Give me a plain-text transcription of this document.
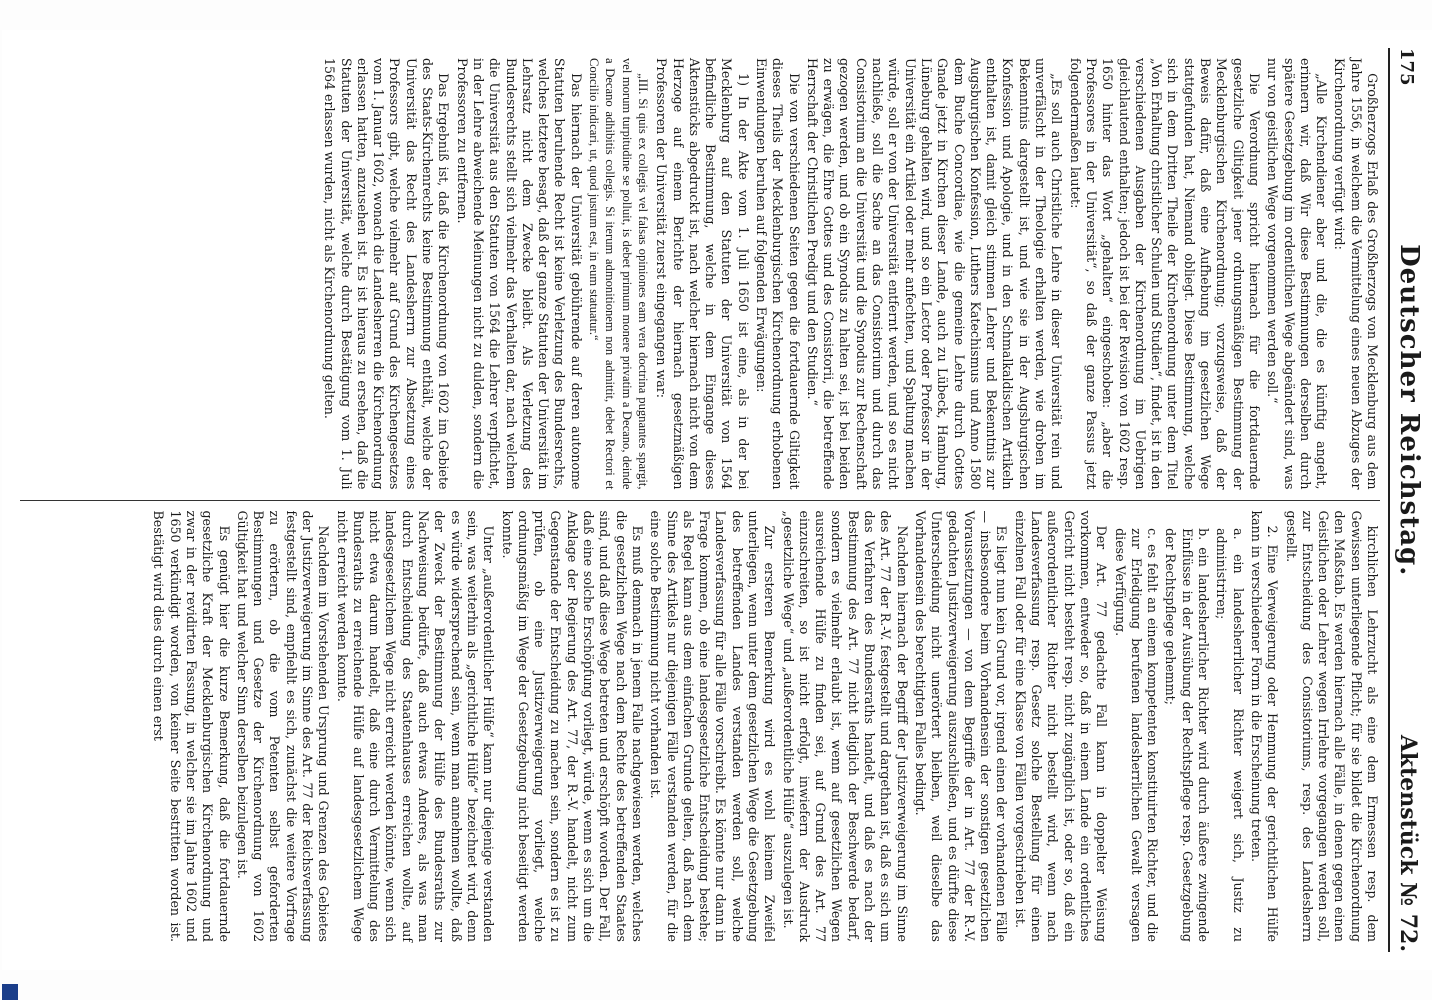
175
Deutscher Reichstag.
Aktenstück № 72.

Großherzogs Erlaß des Großherzogs von Mecklenburg aus dem Jahre 1556, in welchem die Vermittelung eines neuen Abzuges der Kirchenordnung verfügt wird:

„Alle Kirchendiener aber und die, die es künftig angeht, erinnern wir, daß Wir diese Bestimmungen derselben durch spätere Gesetzgebung im ordentlichen Wege abgeändert sind, was nur von geistlichen Wege vorgenommen werden soll.“

Die Verordnung spricht hiernach für die fortdauernde gesetzliche Giltigkeit jener ordnungsmäßigen Bestimmung der Mecklenburgischen Kirchenordnung; vorzugsweise, daß der Beweis dafür, daß eine Aufhebung im gesetzlichen Wege stattgefunden hat, Niemand obliegt. Diese Bestimmung, welche sich in dem Dritten Theile der Kirchenordnung unter dem Titel „Von Erhaltung christlicher Schulen und Studien“, findet, ist in den verschiedenen Ausgaben der Kirchenordnung im Uebrigen gleichlautend enthalten; jedoch ist bei der Revision von 1602 resp. 1650 hinter das Wort „gehalten“ eingeschoben: „aber die Professores in der Universität“, so daß der ganze Passus jetzt folgendermaßen lautet:

„Es soll auch Christliche Lehre in dieser Universität rein und unverfälscht in der Theologie erhalten werden, wie droben im Bekenntnis dargestellt ist, und wie sie in der Augsburgischen Konfession und Apologie, und in den Schmalkaldischen Artikeln enthalten ist, damit gleich stimmen Lehrer und Bekenntnis zur Augsburgischen Konfession, Luthers Katechismus und Anno 1580 dem Buche Concordiae, wie die gemeine Lehre durch Gottes Gnade jetzt in Kirchen dieser Lande, auch zu Lübeck, Hamburg, Lüneburg gehalten wird, und so ein Lector oder Professor in der Universität ein Artikel oder mehr anfechten, und Spaltung machen würde, soll er von der Universität entfernt werden, und so es nicht nachließe, soll die Sache an das Consistorium und durch das Consistorium an die Universität und die Synodus zur Rechenschaft gezogen werden, und ob ein Synodus zu halten sei, ist bei beiden zu erwägen, die Ehre Gottes und des Consistorii, die betreffende Herrschaft der Christlichen Predigt und den Studien.“

Die von verschiedenen Seiten gegen die fortdauernde Giltigkeit dieses Theils der Mecklenburgischen Kirchenordnung erhobenen Einwendungen beruhen auf folgenden Erwägungen:

1) In der Akte vom 1. Juli 1650 ist eine, als in der bei Mecklenburg auf den Statuten der Universität von 1564 befindliche Bestimmung, welche in dem Eingange dieses Aktenstücks abgedruckt ist, nach welcher hiernach nicht von dem Herzoge auf einem Berichte der hiernach gesetzmäßigen Professoren der Universität zuerst eingegangen war:

„III. Si quis ex collegis vel falsas opiniones eam vera doctrina pugnantes spargit, vel morum turpitudine se polluit, is debet primum monere privatim a Decano, deinde a Decano adhibitis collegis. Si iterum admonitionem non admittit, debet Rectori et Concilio indicari, ut, quod justum est, in eum statuatur.“

Das hiernach der Universität gebührende auf deren autonome Statuten beruhende Recht ist keine Verletzung des Bundesrechts, welches letztere besagt, daß der ganze Statuten der Universität im Lehrsatz nicht dem Zwecke bleibt. Als Verletzung des Bundesrechts stellt sich vielmehr das Verhalten dar, nach welchem die Universität aus den Statuten von 1564 die Lehrer verpflichtet, in der Lehre abweichende Meinungen nicht zu dulden, sondern die Professoren zu entfernen.

Das Ergebniß ist, daß die Kirchenordnung von 1602 im Gebiete des Staats-Kirchenrechts keine Bestimmung enthält, welche der Universität das Recht des Landesherrn zur Absetzung eines Professors gibt, welche vielmehr auf Grund des Kirchengesetzes vom 1. Januar 1602, wonach die Landesherren die Kirchenordnung erlassen hatten, anzusehen ist. Es ist hieraus zu ersehen, daß die Statuten der Universität, welche durch Bestätigung vom 1. Juli 1564 erlassen wurden, nicht als Kirchenordnung gelten.

kirchlichen Lehrzucht als eine dem Ermessen resp. dem Gewissen unterliegende Pflicht; für sie bildet die Kirchenordnung den Maßstab. Es werden hiernach alle Fälle, in denen gegen einen Geistlichen oder Lehrer wegen Irrlehre vorgegangen werden soll, zur Entscheidung des Consistoriums, resp. des Landesherrn gestellt.

2. Eine Verweigerung oder Hemmung der gerichtlichen Hülfe kann in verschiedener Form in die Erscheinung treten.

a. ein landesherrlicher Richter weigert sich, Justiz zu administriren;

b. ein landesherrlicher Richter wird durch äußere zwingende Einflüsse in der Ausübung der Rechtspflege resp. Gesetzgebung der Rechtspflege gehemmt;

c. es fehlt an einem kompetenten konstituirten Richter, und die zur Erledigung berufenen landesherrlichen Gewalt versagen diese Verfügung.

Der Art. 77 gedachte Fall kann in doppelter Weisung vorkommen, entweder so, daß in einem Lande ein ordentliches Gericht nicht besteht resp. nicht zugänglich ist, oder so, daß ein außerordentlicher Richter nicht bestellt wird, wenn nach Landesverfassung resp. Gesetz solche Bestellung für einen einzelnen Fall oder für eine Klasse von Fällen vorgeschrieben ist.

Es liegt nun kein Grund vor, irgend einen der vorhandenen Fälle — insbesondere beim Vorhandensein der sonstigen gesetzlichen Voraussetzungen — von dem Begriffe der in Art. 77 der R.-V. gedachten Justizverweigerung auszuschließen, und es dürfte diese Unterscheidung nicht unerörtert bleiben, weil dieselbe das Vorhandensein des berechtigten Falles bedingt.

Nachdem hiernach der Begriff der Justizverweigerung im Sinne des Art. 77 der R.-V. festgestellt und dargethan ist, daß es sich um das Verfahren des Bundesraths handelt, und daß es nach der Bestimmung des Art. 77 nicht lediglich der Beschwerde bedarf, sondern es vielmehr erlaubt ist, wenn auf gesetzlichen Wegen ausreichende Hülfe zu finden sei, auf Grund des Art. 77 einzuschreiten, so ist nicht erfolgt, inwiefern der Ausdruck „gesetzliche Wege“ und „außerordentliche Hülfe“ auszulegen ist.

Zur ersteren Bemerkung wird es wohl keinem Zweifel unterliegen, wenn unter dem gesetzlichen Wege die Gesetzgebung des betreffenden Landes verstanden werden soll, welche Landesverfassung für alle Fälle vorschreibt. Es könnte nur dann in Frage kommen, ob eine landesgesetzliche Entscheidung bestehe; als Regel kann aus dem einfachen Grunde gelten, daß nach dem Sinne des Artikels nur diejenigen Fälle verstanden werden, für die eine solche Bestimmung nicht vorhanden ist.

Es muß demnach in jenem Falle nachgewiesen werden, welches die gesetzlichen Wege nach dem Rechte des betreffenden Staates sind, und daß diese Wege betreten und erschöpft worden. Der Fall, daß eine solche Erschöpfung vorliegt, würde, wenn es sich um die Anklage der Regierung des Art. 77, der R.-V. handelt, nicht zum Gegenstande der Entscheidung zu machen sein, sondern es ist zu prüfen, ob eine Justizverweigerung vorliegt, welche ordnungsmäßig im Wege der Gesetzgebung nicht beseitigt werden konnte.

Unter „außerordentlicher Hülfe“ kann nur diejenige verstanden sein, was weiterhin als „gerichtliche Hülfe“ bezeichnet wird, denn es würde widersprechend sein, wenn man annehmen wollte, daß der Zweck der Bestimmung der Hülfe des Bundesraths zur Nachweisung bedürfe, daß auch etwas Anderes, als was man durch Entscheidung des Staatenhauses erreichen wollte, auf landesgesetzlichem Wege nicht erreicht werden könnte, wenn sich nicht etwa darum handelt, daß eine durch Vermittelung des Bundesraths zu erreichende Hülfe auf landesgesetzlichem Wege nicht erreicht werden konnte.

Nachdem im Vorstehenden Ursprung und Grenzen des Gebietes der Justizverweigerung im Sinne des Art. 77 der Reichsverfassung festgestellt sind, empfiehlt es sich, zunächst die weitere Vorfrage zu erörtern, ob die vom Petenten selbst geforderten Bestimmungen und Gesetze der Kirchenordnung von 1602 Gültigkeit hat und welcher Sinn derselben beizulegen ist.

Es genügt hier die kurze Bemerkung, daß die fortdauernde gesetzliche Kraft der Mecklenburgischen Kirchenordnung und zwar in der revidirten Fassung, in welcher sie im Jahre 1602 und 1650 verkündigt worden, von keiner Seite bestritten worden ist. Bestätigt wird dies durch einen erst
